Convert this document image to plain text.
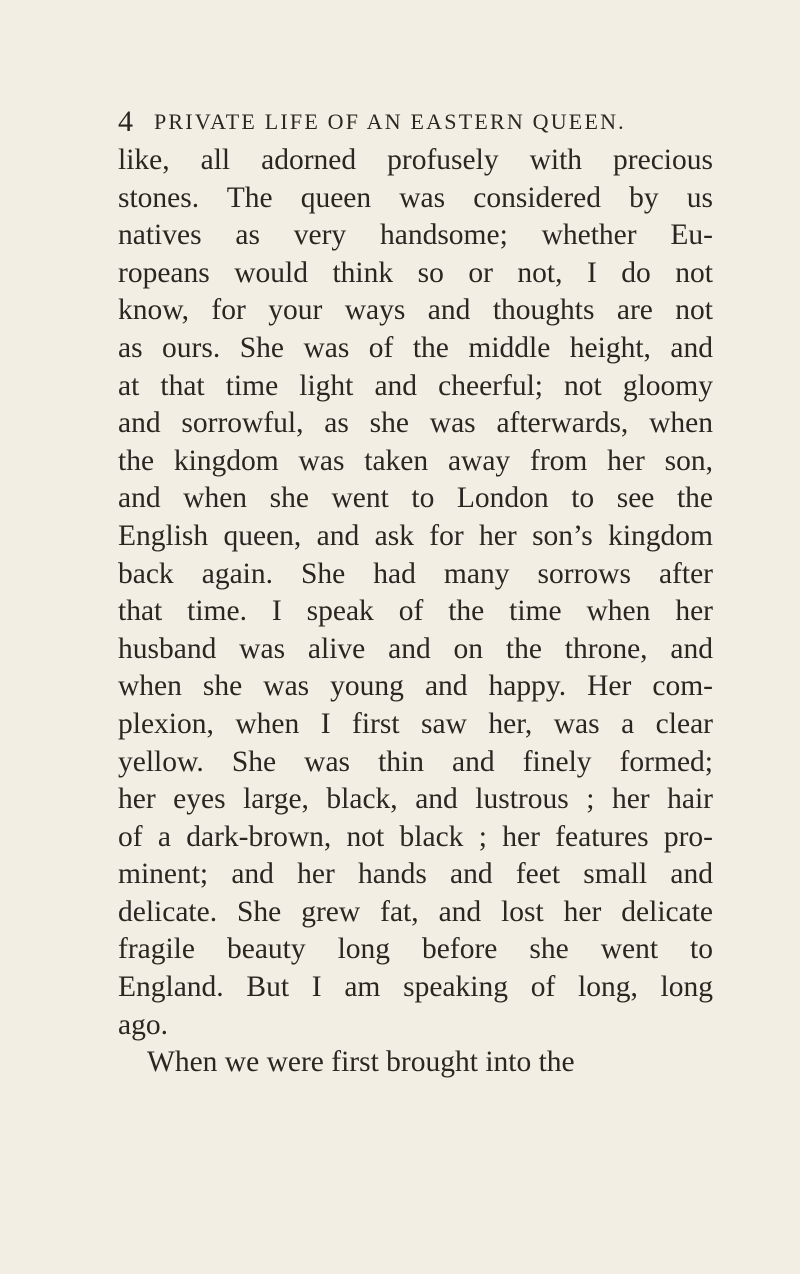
4 PRIVATE LIFE OF AN EASTERN QUEEN.
like, all adorned profusely with precious
stones. The queen was considered by us
natives as very handsome; whether Eu-
ropeans would think so or not, I do not
know, for your ways and thoughts are not
as ours. She was of the middle height, and
at that time light and cheerful; not gloomy
and sorrowful, as she was afterwards, when
the kingdom was taken away from her son,
and when she went to London to see the
English queen, and ask for her son’s kingdom
back again. She had many sorrows after
that time. I speak of the time when her
husband was alive and on the throne, and
when she was young and happy. Her com-
plexion, when I first saw her, was a clear
yellow. She was thin and finely formed;
her eyes large, black, and lustrous ; her hair
of a dark-brown, not black ; her features pro-
minent; and her hands and feet small and
delicate. She grew fat, and lost her delicate
fragile beauty long before she went to
England. But I am speaking of long, long
ago.
When we were first brought into the
